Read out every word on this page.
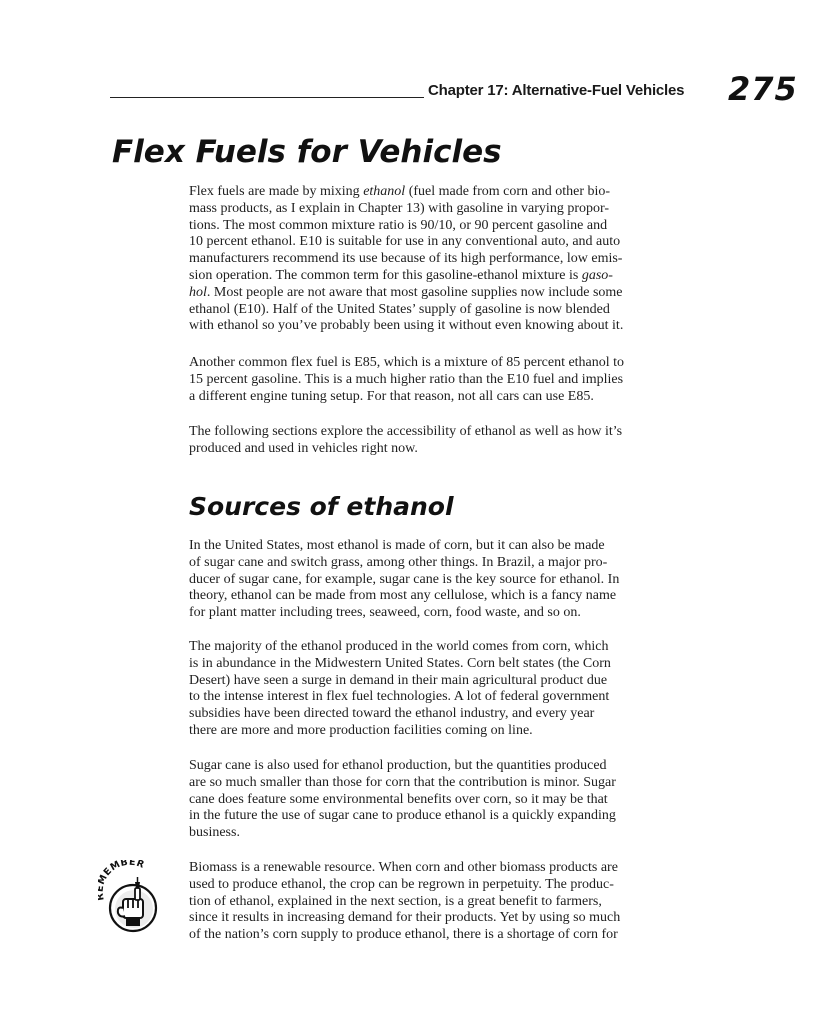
Chapter 17: Alternative-Fuel Vehicles 275
Flex Fuels for Vehicles
Flex fuels are made by mixing ethanol (fuel made from corn and other bio-
mass products, as I explain in Chapter 13) with gasoline in varying propor-
tions. The most common mixture ratio is 90/10, or 90 percent gasoline and
10 percent ethanol. E10 is suitable for use in any conventional auto, and auto
manufacturers recommend its use because of its high performance, low emis-
sion operation. The common term for this gasoline-ethanol mixture is gaso-
hol. Most people are not aware that most gasoline supplies now include some
ethanol (E10). Half of the United States’ supply of gasoline is now blended
with ethanol so you’ve probably been using it without even knowing about it.
Another common flex fuel is E85, which is a mixture of 85 percent ethanol to
15 percent gasoline. This is a much higher ratio than the E10 fuel and implies
a different engine tuning setup. For that reason, not all cars can use E85.
The following sections explore the accessibility of ethanol as well as how it’s
produced and used in vehicles right now.
Sources of ethanol
In the United States, most ethanol is made of corn, but it can also be made
of sugar cane and switch grass, among other things. In Brazil, a major pro-
ducer of sugar cane, for example, sugar cane is the key source for ethanol. In
theory, ethanol can be made from most any cellulose, which is a fancy name
for plant matter including trees, seaweed, corn, food waste, and so on.
The majority of the ethanol produced in the world comes from corn, which
is in abundance in the Midwestern United States. Corn belt states (the Corn
Desert) have seen a surge in demand in their main agricultural product due
to the intense interest in flex fuel technologies. A lot of federal government
subsidies have been directed toward the ethanol industry, and every year
there are more and more production facilities coming on line.
Sugar cane is also used for ethanol production, but the quantities produced
are so much smaller than those for corn that the contribution is minor. Sugar
cane does feature some environmental benefits over corn, so it may be that
in the future the use of sugar cane to produce ethanol is a quickly expanding
business.
EMBER	Biomass is a renewable resource. When corn and other biomass products are
used to produce ethanol, the crop can be regrown in perpetuity. The produc-
tion of ethanol, explained in the next section, is a great benefit to farmers,
since it results in increasing demand for their products. Yet by using so much
of the nation’s corn supply to produce ethanol, there is a shortage of corn for
